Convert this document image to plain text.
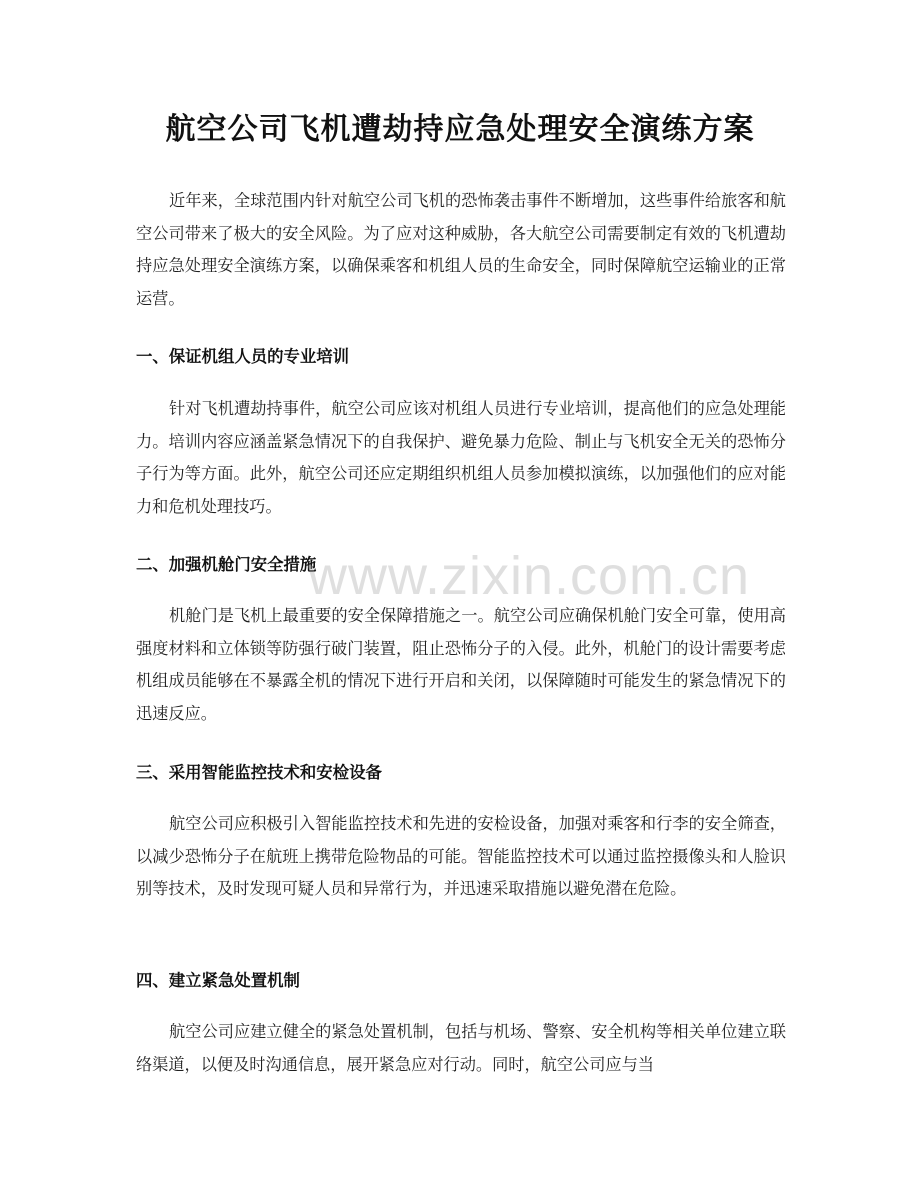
航空公司飞机遭劫持应急处理安全演练方案

近年来，全球范围内针对航空公司飞机的恐怖袭击事件不断增加，这些事件给旅客和航空公司带来了极大的安全风险。为了应对这种威胁，各大航空公司需要制定有效的飞机遭劫持应急处理安全演练方案，以确保乘客和机组人员的生命安全，同时保障航空运输业的正常运营。

一、保证机组人员的专业培训

针对飞机遭劫持事件，航空公司应该对机组人员进行专业培训，提高他们的应急处理能力。培训内容应涵盖紧急情况下的自我保护、避免暴力危险、制止与飞机安全无关的恐怖分子行为等方面。此外，航空公司还应定期组织机组人员参加模拟演练，以加强他们的应对能力和危机处理技巧。

二、加强机舱门安全措施

机舱门是飞机上最重要的安全保障措施之一。航空公司应确保机舱门安全可靠，使用高强度材料和立体锁等防强行破门装置，阻止恐怖分子的入侵。此外，机舱门的设计需要考虑机组成员能够在不暴露全机的情况下进行开启和关闭，以保障随时可能发生的紧急情况下的迅速反应。

三、采用智能监控技术和安检设备

航空公司应积极引入智能监控技术和先进的安检设备，加强对乘客和行李的安全筛查，以减少恐怖分子在航班上携带危险物品的可能。智能监控技术可以通过监控摄像头和人脸识别等技术，及时发现可疑人员和异常行为，并迅速采取措施以避免潜在危险。

四、建立紧急处置机制

航空公司应建立健全的紧急处置机制，包括与机场、警察、安全机构等相关单位建立联络渠道，以便及时沟通信息，展开紧急应对行动。同时，航空公司应与当

www.zixin.com.cn
